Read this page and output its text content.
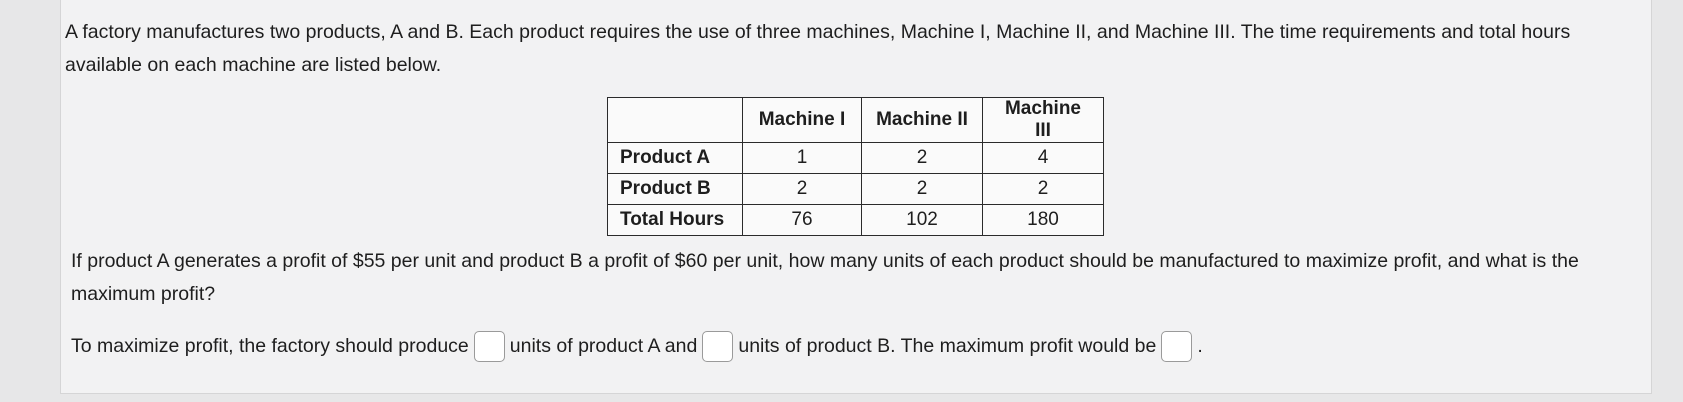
A factory manufactures two products, A and B. Each product requires the use of three machines, Machine I, Machine II, and Machine III. The time requirements and total hours available on each machine are listed below.

	Machine I	Machine II	Machine III
Product A	1	2	4
Product B	2	2	2
Total Hours	76	102	180

If product A generates a profit of $55 per unit and product B a profit of $60 per unit, how many units of each product should be manufactured to maximize profit, and what is the maximum profit?

To maximize profit, the factory should produce units of product A and units of product B. The maximum profit would be .
